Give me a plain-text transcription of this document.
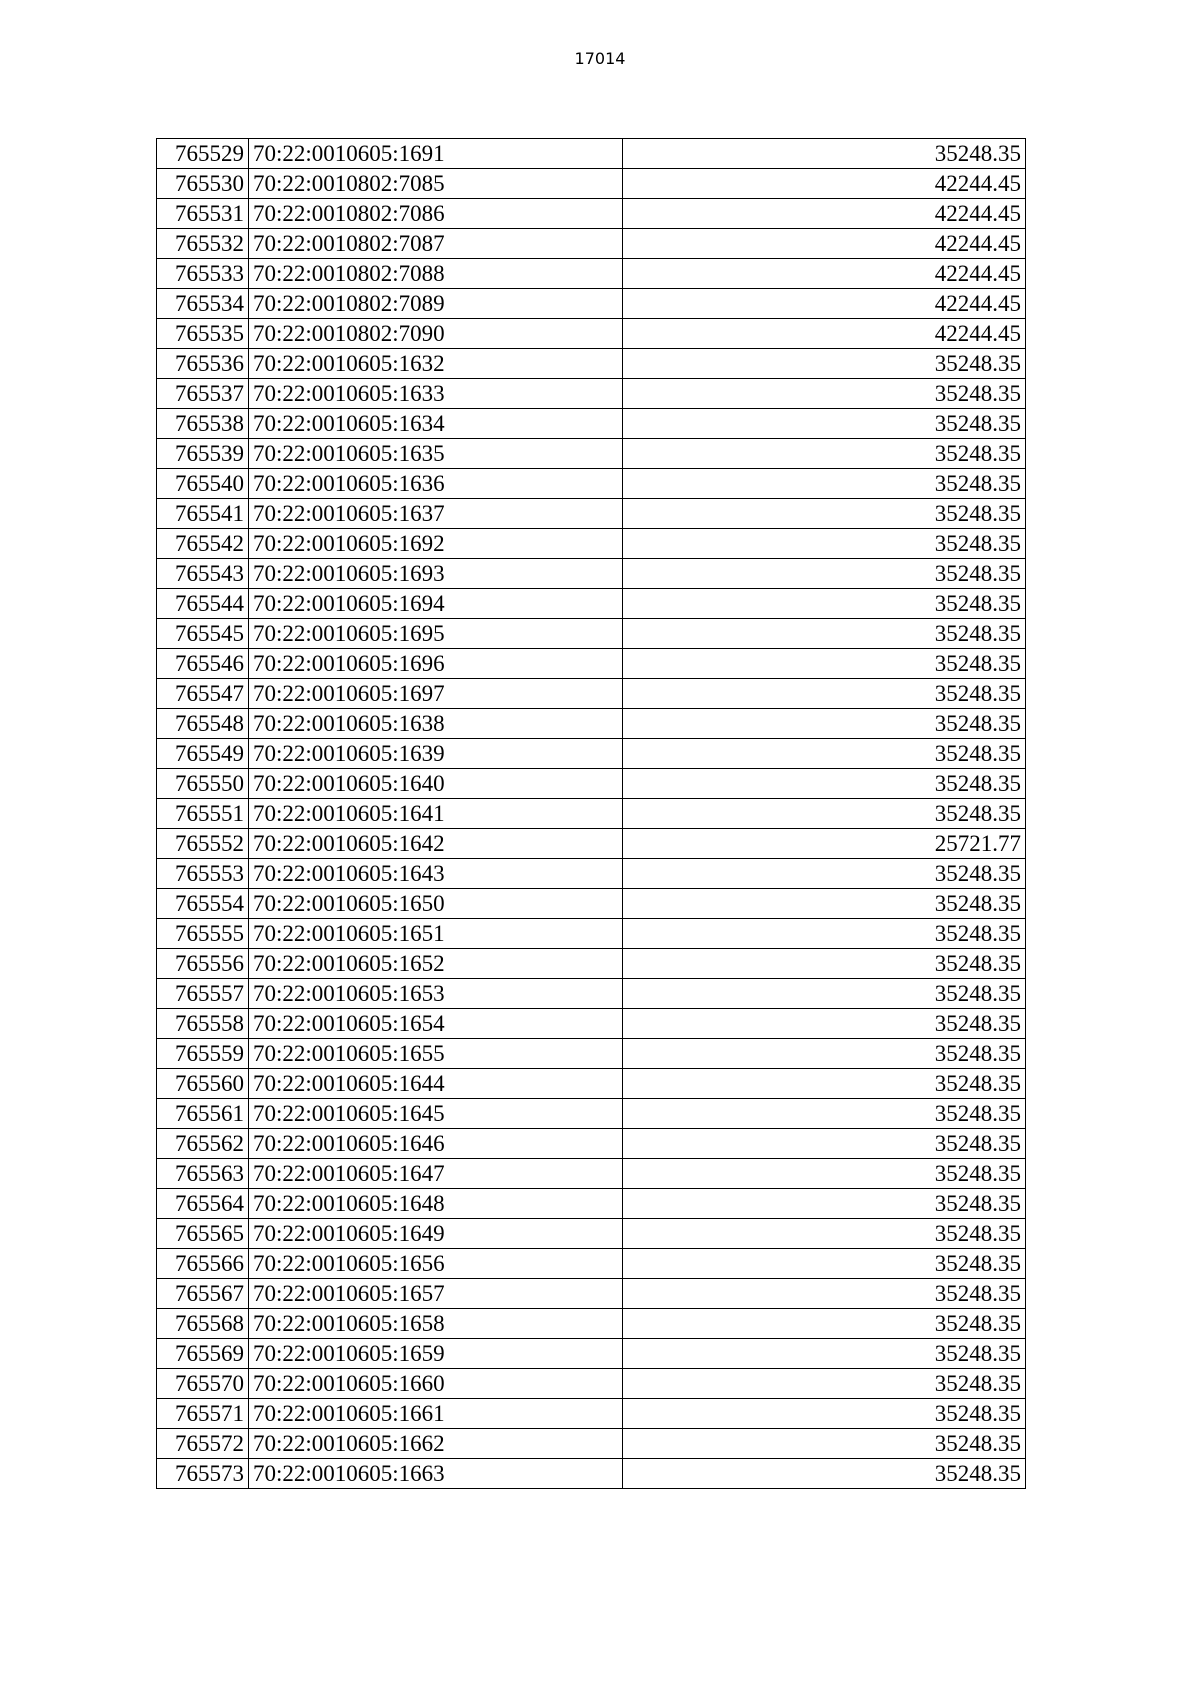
17014
765529	70:22:0010605:1691	35248.35
765530	70:22:0010802:7085	42244.45
765531	70:22:0010802:7086	42244.45
765532	70:22:0010802:7087	42244.45
765533	70:22:0010802:7088	42244.45
765534	70:22:0010802:7089	42244.45
765535	70:22:0010802:7090	42244.45
765536	70:22:0010605:1632	35248.35
765537	70:22:0010605:1633	35248.35
765538	70:22:0010605:1634	35248.35
765539	70:22:0010605:1635	35248.35
765540	70:22:0010605:1636	35248.35
765541	70:22:0010605:1637	35248.35
765542	70:22:0010605:1692	35248.35
765543	70:22:0010605:1693	35248.35
765544	70:22:0010605:1694	35248.35
765545	70:22:0010605:1695	35248.35
765546	70:22:0010605:1696	35248.35
765547	70:22:0010605:1697	35248.35
765548	70:22:0010605:1638	35248.35
765549	70:22:0010605:1639	35248.35
765550	70:22:0010605:1640	35248.35
765551	70:22:0010605:1641	35248.35
765552	70:22:0010605:1642	25721.77
765553	70:22:0010605:1643	35248.35
765554	70:22:0010605:1650	35248.35
765555	70:22:0010605:1651	35248.35
765556	70:22:0010605:1652	35248.35
765557	70:22:0010605:1653	35248.35
765558	70:22:0010605:1654	35248.35
765559	70:22:0010605:1655	35248.35
765560	70:22:0010605:1644	35248.35
765561	70:22:0010605:1645	35248.35
765562	70:22:0010605:1646	35248.35
765563	70:22:0010605:1647	35248.35
765564	70:22:0010605:1648	35248.35
765565	70:22:0010605:1649	35248.35
765566	70:22:0010605:1656	35248.35
765567	70:22:0010605:1657	35248.35
765568	70:22:0010605:1658	35248.35
765569	70:22:0010605:1659	35248.35
765570	70:22:0010605:1660	35248.35
765571	70:22:0010605:1661	35248.35
765572	70:22:0010605:1662	35248.35
765573	70:22:0010605:1663	35248.35
